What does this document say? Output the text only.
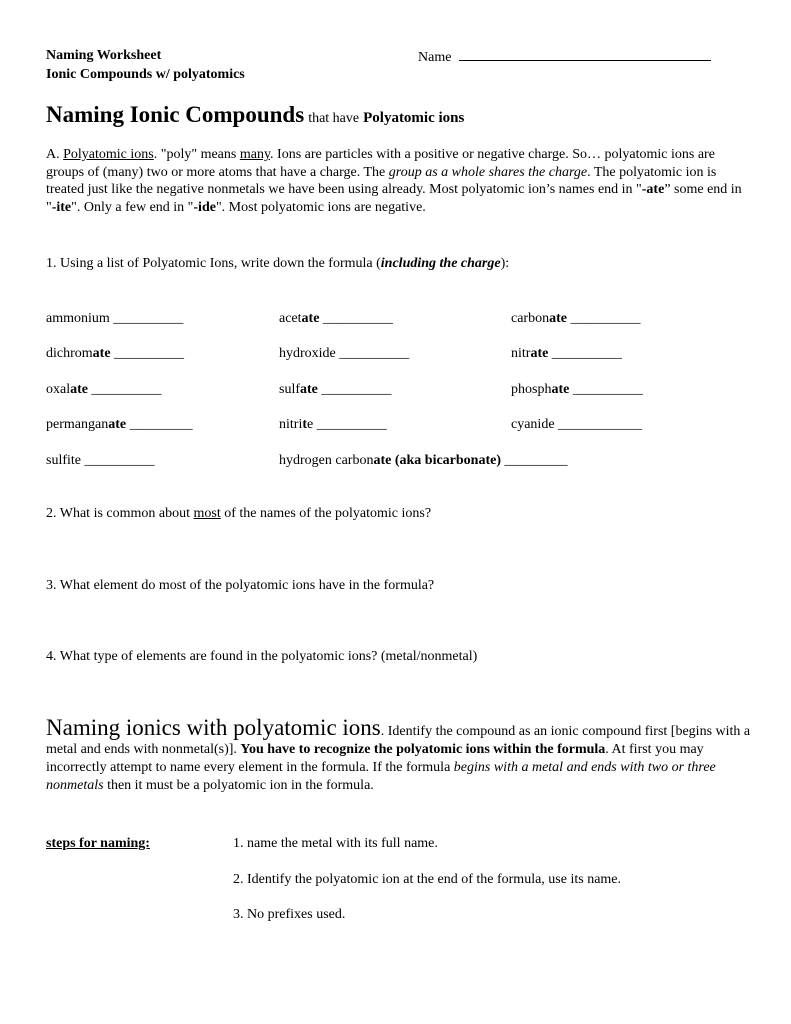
Naming Worksheet
Ionic Compounds w/ polyatomics
Name
Naming Ionic Compounds that have Polyatomic ions
A. Polyatomic ions. "poly" means many. Ions are particles with a positive or negative charge. So… polyatomic ions are groups of (many) two or more atoms that have a charge. The group as a whole shares the charge. The polyatomic ion is treated just like the negative nonmetals we have been using already. Most polyatomic ion’s names end in "-ate” some end in "-ite". Only a few end in "-ide". Most polyatomic ions are negative.
1. Using a list of Polyatomic Ions, write down the formula (including the charge):
ammonium __________	acetate __________	carbonate __________
dichromate __________	hydroxide __________	nitrate __________
oxalate __________	sulfate __________	phosphate __________
permanganate _________	nitrite __________	cyanide ____________
sulfite __________	hydrogen carbonate (aka bicarbonate) _________
2. What is common about most of the names of the polyatomic ions?
3. What element do most of the polyatomic ions have in the formula?
4. What type of elements are found in the polyatomic ions? (metal/nonmetal)
Naming ionics with polyatomic ions. Identify the compound as an ionic compound first [begins with a metal and ends with nonmetal(s)]. You have to recognize the polyatomic ions within the formula. At first you may incorrectly attempt to name every element in the formula. If the formula begins with a metal and ends with two or three nonmetals then it must be a polyatomic ion in the formula.
steps for naming:	1. name the metal with its full name.
2. Identify the polyatomic ion at the end of the formula, use its name.
3. No prefixes used.
